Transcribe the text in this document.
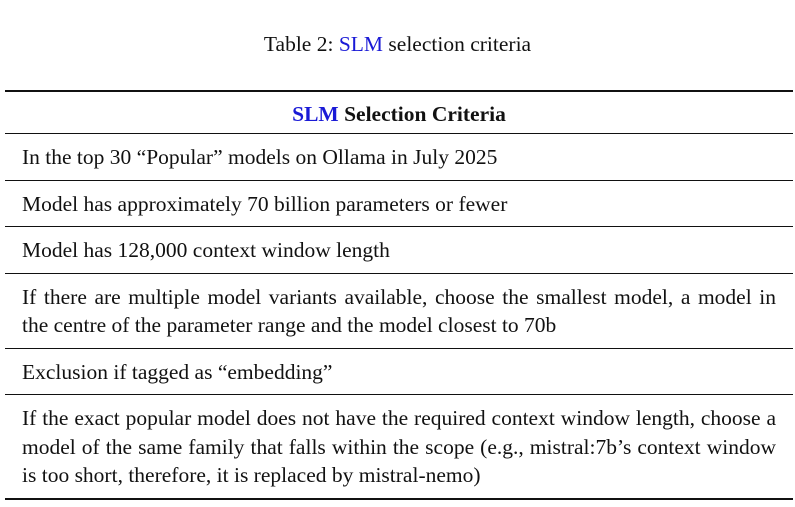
Table 2: SLM selection criteria
SLM Selection Criteria
In the top 30 “Popular” models on Ollama in July 2025
Model has approximately 70 billion parameters or fewer
Model has 128,000 context window length
If there are multiple model variants available, choose the smallest model, a model in the centre of the parameter range and the model closest to 70b
Exclusion if tagged as “embedding”
If the exact popular model does not have the required context window length, choose a model of the same family that falls within the scope (e.g., mistral:7b’s context window is too short, therefore, it is replaced by mistral-nemo)
